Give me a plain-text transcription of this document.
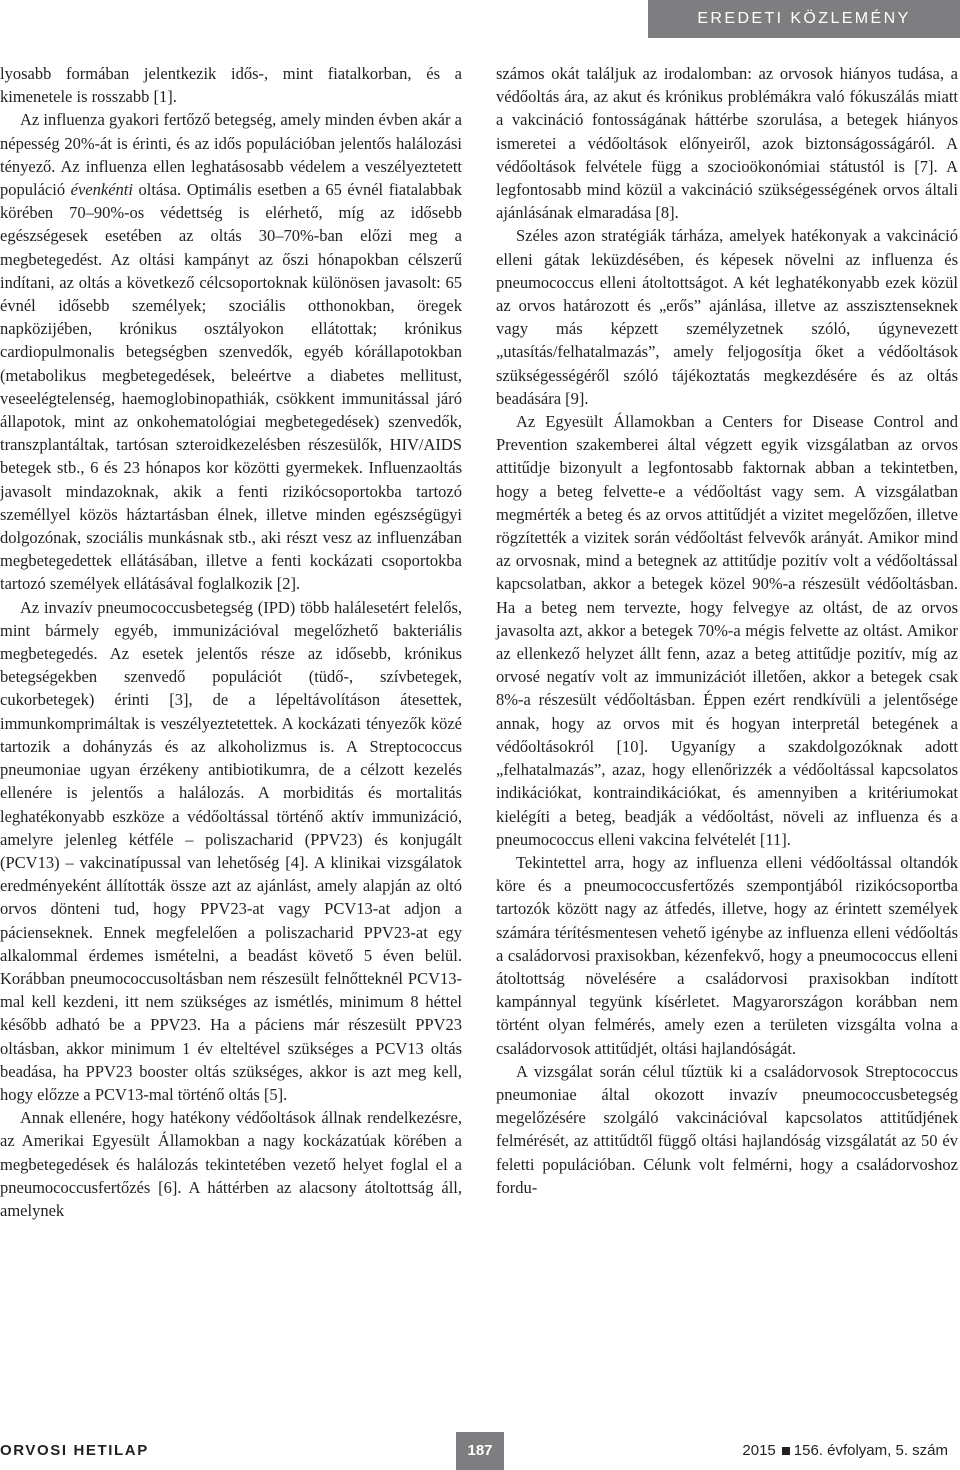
EREDETI KÖZLEMÉNY

lyosabb formában jelentkezik idős-, mint fiatalkorban, és a kimenetele is rosszabb [1].

Az influenza gyakori fertőző betegség, amely minden évben akár a népesség 20%-át is érinti, és az idős populációban jelentős halálozási tényező. Az influenza ellen leghatásosabb védelem a veszélyeztetett populáció évenkénti oltása. Optimális esetben a 65 évnél fiatalabbak körében 70–90%-os védettség is elérhető, míg az idősebb egészségesek esetében az oltás 30–70%-ban előzi meg a megbetegedést. Az oltási kampányt az őszi hónapokban célszerű indítani, az oltás a következő célcsoportoknak különösen javasolt: 65 évnél idősebb személyek; szociális otthonokban, öregek napközijében, krónikus osztályokon ellátottak; krónikus cardiopulmonalis betegségben szenvedők, egyéb kórállapotokban (metabolikus megbetegedések, beleértve a diabetes mellitust, veseelégtelenség, haemoglobinopathiák, csökkent immunitással járó állapotok, mint az onkohematológiai megbetegedések) szenvedők, transzplantáltak, tartósan szteroidkezelésben részesülők, HIV/AIDS betegek stb., 6 és 23 hónapos kor közötti gyermekek. Influenzaoltás javasolt mindazoknak, akik a fenti rizikócsoportokba tartozó személlyel közös háztartásban élnek, illetve minden egészségügyi dolgozónak, szociális munkásnak stb., aki részt vesz az influenzában megbetegedettek ellátásában, illetve a fenti kockázati csoportokba tartozó személyek ellátásával foglalkozik [2].

Az invazív pneumococcusbetegség (IPD) több halálesetért felelős, mint bármely egyéb, immunizációval megelőzhető bakteriális megbetegedés. Az esetek jelentős része az idősebb, krónikus betegségekben szenvedő populációt (tüdő-, szívbetegek, cukorbetegek) érinti [3], de a lépeltávolításon átesettek, immunkomprimáltak is veszélyeztetettek. A kockázati tényezők közé tartozik a dohányzás és az alkoholizmus is. A Streptococcus pneumoniae ugyan érzékeny antibiotikumra, de a célzott kezelés ellenére is jelentős a halálozás. A morbiditás és mortalitás leghatékonyabb eszköze a védőoltással történő aktív immunizáció, amelyre jelenleg kétféle – poliszacharid (PPV23) és konjugált (PCV13) – vakcinatípussal van lehetőség [4]. A klinikai vizsgálatok eredményeként állították össze azt az ajánlást, amely alapján az oltó orvos dönteni tud, hogy PPV23-at vagy PCV13-at adjon a pácienseknek. Ennek megfelelően a poliszacharid PPV23-at egy alkalommal érdemes ismételni, a beadást követő 5 éven belül. Korábban pneumococcusoltásban nem részesült felnőtteknél PCV13-mal kell kezdeni, itt nem szükséges az ismétlés, minimum 8 héttel később adható be a PPV23. Ha a páciens már részesült PPV23 oltásban, akkor minimum 1 év elteltével szükséges a PCV13 oltás beadása, ha PPV23 booster oltás szükséges, akkor is azt meg kell, hogy előzze a PCV13-mal történő oltás [5].

Annak ellenére, hogy hatékony védőoltások állnak rendelkezésre, az Amerikai Egyesült Államokban a nagy kockázatúak körében a megbetegedések és halálozás tekintetében vezető helyet foglal el a pneumococcusfertőzés [6]. A háttérben az alacsony átoltottság áll, amelynek

számos okát találjuk az irodalomban: az orvosok hiányos tudása, a védőoltás ára, az akut és krónikus problémákra való fókuszálás miatt a vakcináció fontosságának háttérbe szorulása, a betegek hiányos ismeretei a védőoltások előnyeiről, azok biztonságosságáról. A védőoltások felvétele függ a szocioökonómiai státustól is [7]. A legfontosabb mind közül a vakcináció szükségességének orvos általi ajánlásának elmaradása [8].

Széles azon stratégiák tárháza, amelyek hatékonyak a vakcináció elleni gátak leküzdésében, és képesek növelni az influenza és pneumococcus elleni átoltottságot. A két leghatékonyabb ezek közül az orvos határozott és „erős” ajánlása, illetve az asszisztenseknek vagy más képzett személyzetnek szóló, úgynevezett „utasítás/felhatalmazás”, amely feljogosítja őket a védőoltások szükségességéről szóló tájékoztatás megkezdésére és az oltás beadására [9].

Az Egyesült Államokban a Centers for Disease Control and Prevention szakemberei által végzett egyik vizsgálatban az orvos attitűdje bizonyult a legfontosabb faktornak abban a tekintetben, hogy a beteg felvette-e a védőoltást vagy sem. A vizsgálatban megmérték a beteg és az orvos attitűdjét a vizitet megelőzően, illetve rögzítették a vizitek során védőoltást felvevők arányát. Amikor mind az orvosnak, mind a betegnek az attitűdje pozitív volt a védőoltással kapcsolatban, akkor a betegek közel 90%-a részesült védőoltásban. Ha a beteg nem tervezte, hogy felvegye az oltást, de az orvos javasolta azt, akkor a betegek 70%-a mégis felvette az oltást. Amikor az ellenkező helyzet állt fenn, azaz a beteg attitűdje pozitív, míg az orvosé negatív volt az immunizációt illetően, akkor a betegek csak 8%-a részesült védőoltásban. Éppen ezért rendkívüli a jelentősége annak, hogy az orvos mit és hogyan interpretál betegének a védőoltásokról [10]. Ugyanígy a szakdolgozóknak adott „felhatalmazás”, azaz, hogy ellenőrizzék a védőoltással kapcsolatos indikációkat, kontraindikációkat, és amennyiben a kritériumokat kielégíti a beteg, beadják a védőoltást, növeli az influenza és a pneumococcus elleni vakcina felvételét [11].

Tekintettel arra, hogy az influenza elleni védőoltással oltandók köre és a pneumococcusfertőzés szempontjából rizikócsoportba tartozók között nagy az átfedés, illetve, hogy az érintett személyek számára térítésmentesen vehető igénybe az influenza elleni védőoltás a családorvosi praxisokban, kézenfekvő, hogy a pneumococcus elleni átoltottság növelésére a családorvosi praxisokban indított kampánnyal tegyünk kísérletet. Magyarországon korábban nem történt olyan felmérés, amely ezen a területen vizsgálta volna a családorvosok attitűdjét, oltási hajlandóságát.

A vizsgálat során célul tűztük ki a családorvosok Streptococcus pneumoniae által okozott invazív pneumococcusbetegség megelőzésére szolgáló vakcinációval kapcsolatos attitűdjének felmérését, az attitűdtől függő oltási hajlandóság vizsgálatát az 50 év feletti populációban. Célunk volt felmérni, hogy a családorvoshoz fordu-

ORVOSI HETILAP	187	2015 156. évfolyam, 5. szám
